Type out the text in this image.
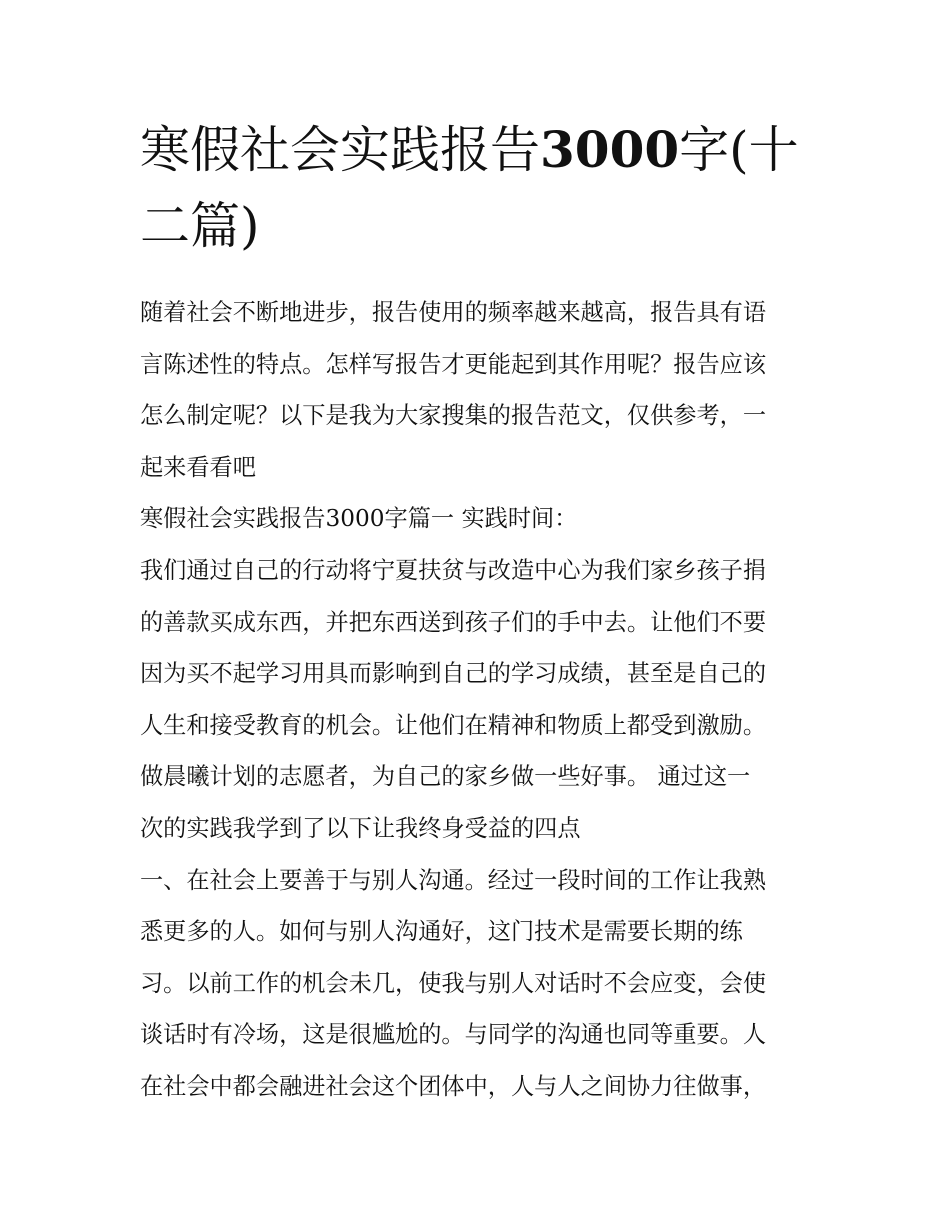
寒假社会实践报告3000字(十
二篇)
随着社会不断地进步，报告使用的频率越来越高，报告具有语
言陈述性的特点。怎样写报告才更能起到其作用呢？报告应该
怎么制定呢？以下是我为大家搜集的报告范文，仅供参考，一
起来看看吧
寒假社会实践报告3000字篇一 实践时间：
我们通过自己的行动将宁夏扶贫与改造中心为我们家乡孩子捐
的善款买成东西，并把东西送到孩子们的手中去。让他们不要
因为买不起学习用具而影响到自己的学习成绩，甚至是自己的
人生和接受教育的机会。让他们在精神和物质上都受到激励。
做晨曦计划的志愿者，为自己的家乡做一些好事。 通过这一
次的实践我学到了以下让我终身受益的四点
一、在社会上要善于与别人沟通。经过一段时间的工作让我熟
悉更多的人。如何与别人沟通好，这门技术是需要长期的练
习。以前工作的机会未几，使我与别人对话时不会应变，会使
谈话时有冷场，这是很尴尬的。与同学的沟通也同等重要。人
在社会中都会融进社会这个团体中，人与人之间协力往做事，
